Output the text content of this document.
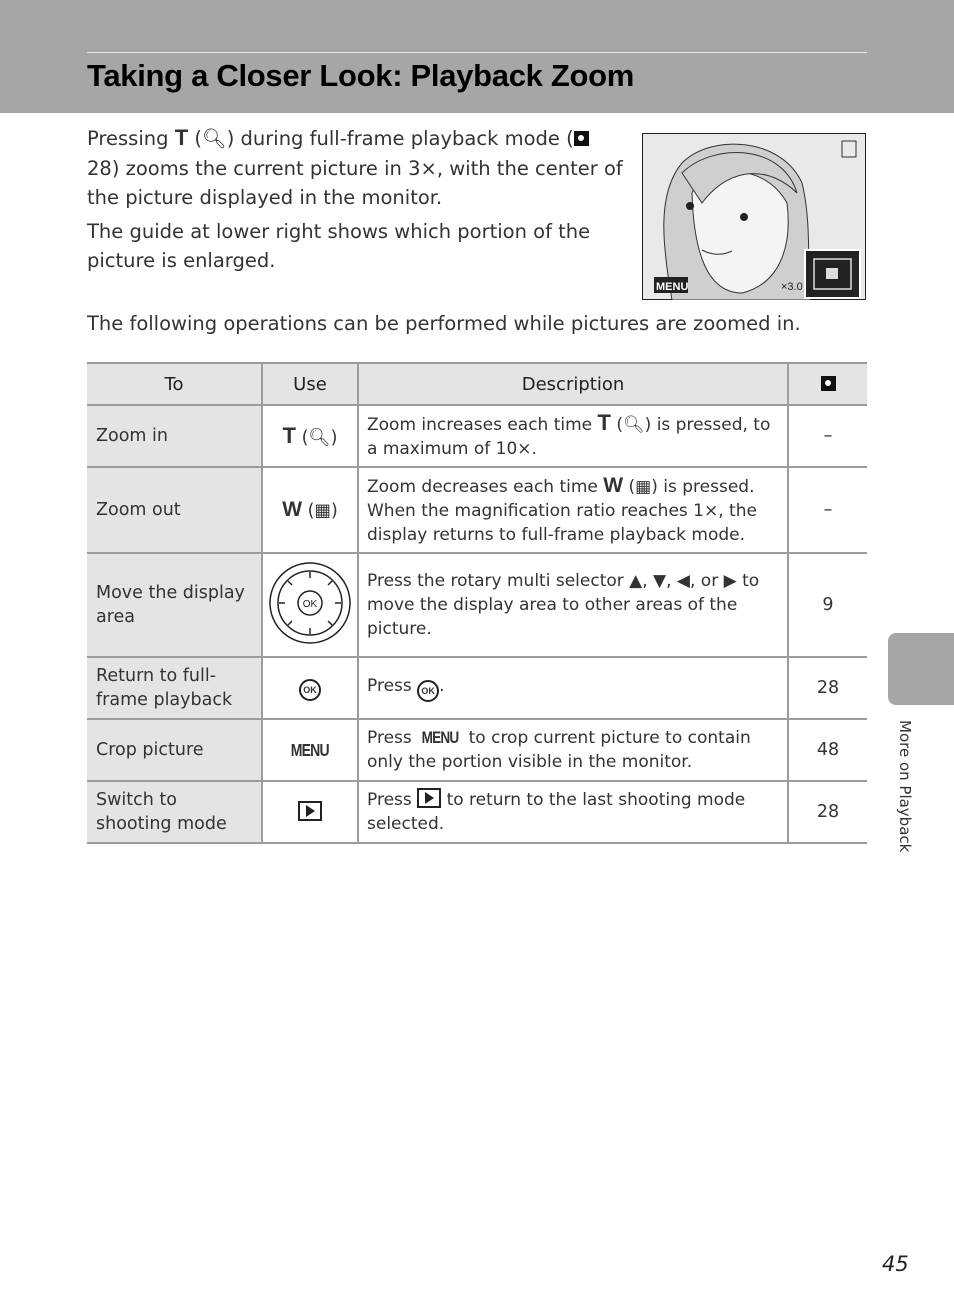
Taking a Closer Look: Playback Zoom

Pressing T (🔍︎) during full-frame playback mode ( 28) zooms the current picture in 3×, with the center of the picture displayed in the monitor.

The guide at lower right shows which portion of the picture is enlarged.

MENU	×3.0
The following operations can be performed while pictures are zoomed in.
To	Use	Description	
Zoom in	T (🔍︎)	Zoom increases each time T (🔍︎) is pressed, to a maximum of 10×.	–
Zoom out	W (▦)	Zoom decreases each time W (▦) is pressed. When the magnification ratio reaches 1×, the display returns to full-frame playback mode.	–
Move the display area	OK	Press the rotary multi selector ▲, ▼, ◀, or ▶ to move the display area to other areas of the picture.	9
Return to full-frame playback	OK	Press OK .	28
Crop picture	MENU	Press MENU to crop current picture to contain only the portion visible in the monitor.	48
Switch to shooting mode		Press to return to the last shooting mode selected.	28	More on Playback
45
